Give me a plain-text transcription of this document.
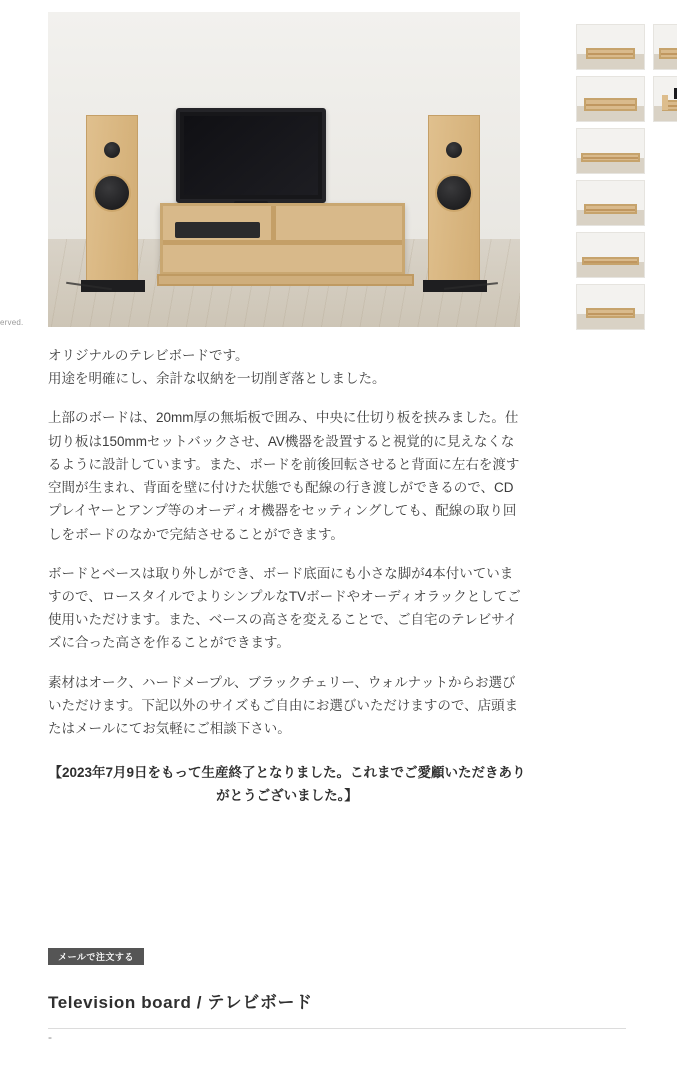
erved.

オリジナルのテレビボードです。
用途を明確にし、余計な収納を一切削ぎ落としました。

上部のボードは、20mm厚の無垢板で囲み、中央に仕切り板を挟みました。仕切り板は150mmセットバックさせ、AV機器を設置すると視覚的に見えなくなるように設計しています。また、ボードを前後回転させると背面に左右を渡す空間が生まれ、背面を壁に付けた状態でも配線の行き渡しができるので、CDプレイヤーとアンプ等のオーディオ機器をセッティングしても、配線の取り回しをボードのなかで完結させることができます。

ボードとベースは取り外しができ、ボード底面にも小さな脚が4本付いていますので、ロースタイルでよりシンプルなTVボードやオーディオラックとしてご使用いただけます。また、ベースの高さを変えることで、ご自宅のテレビサイズに合った高さを作ることができます。

素材はオーク、ハードメープル、ブラックチェリー、ウォルナットからお選びいただけます。下記以外のサイズもご自由にお選びいただけますので、店頭またはメールにてお気軽にご相談下さい。

【2023年7月9日をもって生産終了となりました。これまでご愛顧いただきありがとうございました。】

メールで注文する
Television board / テレビボード
-
